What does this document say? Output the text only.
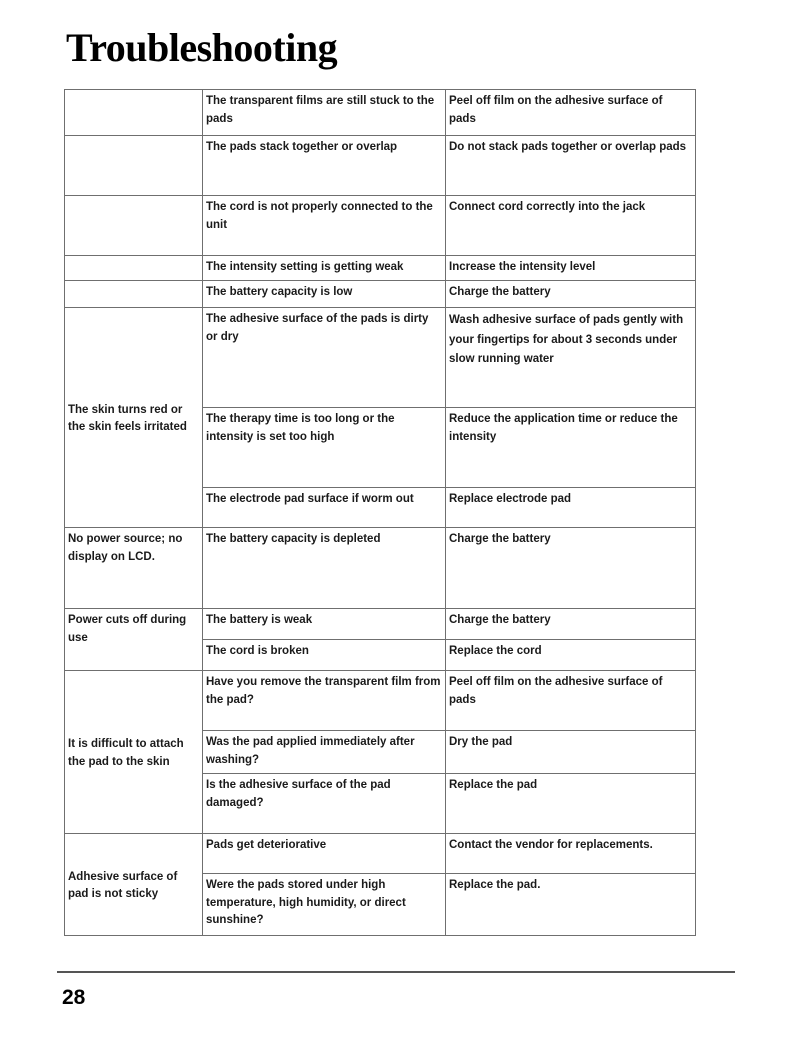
Troubleshooting
	The transparent films are still stuck to the pads	Peel off film on the adhesive surface of pads
	The pads stack together or overlap	Do not stack pads together or overlap pads
	The cord is not properly connected to the unit	Connect cord correctly into the jack
	The intensity setting is getting weak	Increase the intensity level
	The battery capacity is low	Charge the battery
The skin turns red or the skin feels irritated	The adhesive surface of the pads is dirty or dry	Wash adhesive surface of pads gently with your fingertips for about 3 seconds under slow running water
	The therapy time is too long or the intensity is set too high	Reduce the application time or reduce the intensity
	The electrode pad surface if worm out	Replace electrode pad
No power source; no display on LCD.	The battery capacity is depleted	Charge the battery
Power cuts off during use	The battery is weak	Charge the battery
	The cord is broken	Replace the cord
It is difficult to attach the pad to the skin	Have you remove the transparent film from the pad?	Peel off film on the adhesive surface of pads
	Was the pad applied immediately after washing?	Dry the pad
	Is the adhesive surface of the pad damaged?	Replace the pad
Adhesive surface of pad is not sticky	Pads get deteriorative	Contact the vendor for replacements.
	Were the pads stored under high temperature, high humidity, or direct sunshine?	Replace the pad.

28
